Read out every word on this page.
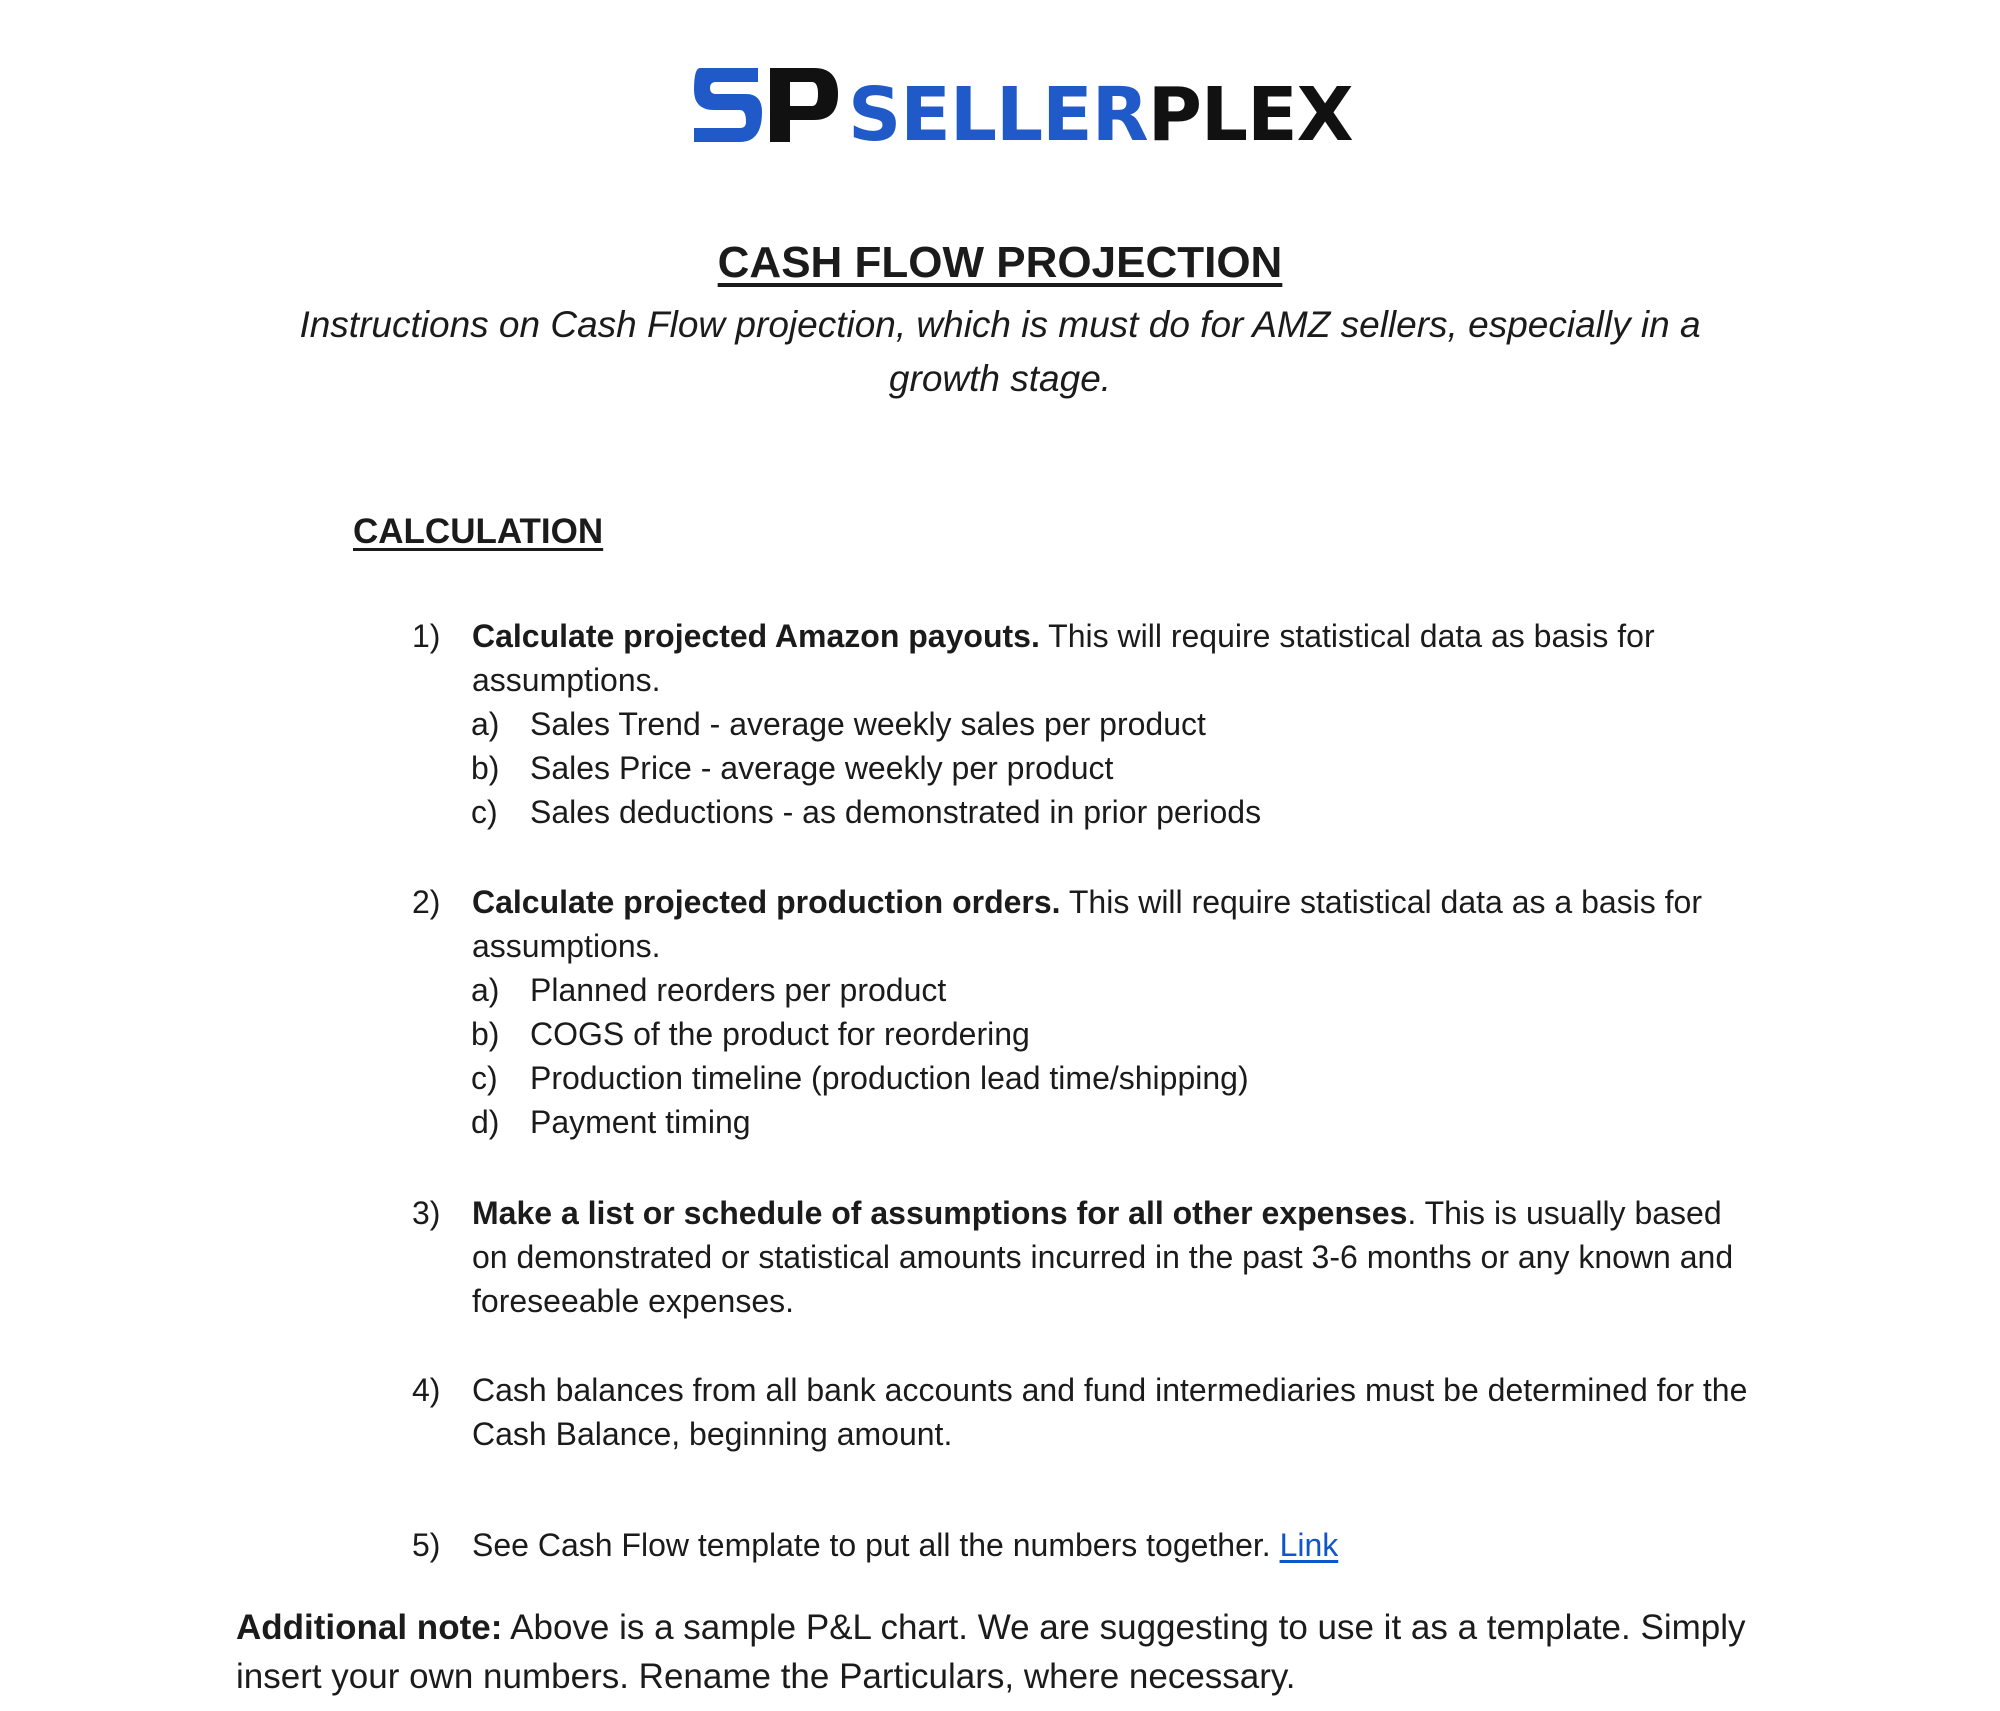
SELLERPLEX
CASH FLOW PROJECTION
Instructions on Cash Flow projection, which is must do for AMZ sellers, especially in a growth stage.
CALCULATION
1) Calculate projected Amazon payouts. This will require statistical data as basis for assumptions.
a) Sales Trend - average weekly sales per product
b) Sales Price - average weekly per product
c) Sales deductions - as demonstrated in prior periods
2) Calculate projected production orders. This will require statistical data as a basis for assumptions.
a) Planned reorders per product
b) COGS of the product for reordering
c) Production timeline (production lead time/shipping)
d) Payment timing
3) Make a list or schedule of assumptions for all other expenses. This is usually based on demonstrated or statistical amounts incurred in the past 3-6 months or any known and foreseeable expenses.
4) Cash balances from all bank accounts and fund intermediaries must be determined for the Cash Balance, beginning amount.
5) See Cash Flow template to put all the numbers together. Link
Additional note: Above is a sample P&L chart. We are suggesting to use it as a template. Simply insert your own numbers. Rename the Particulars, where necessary.
